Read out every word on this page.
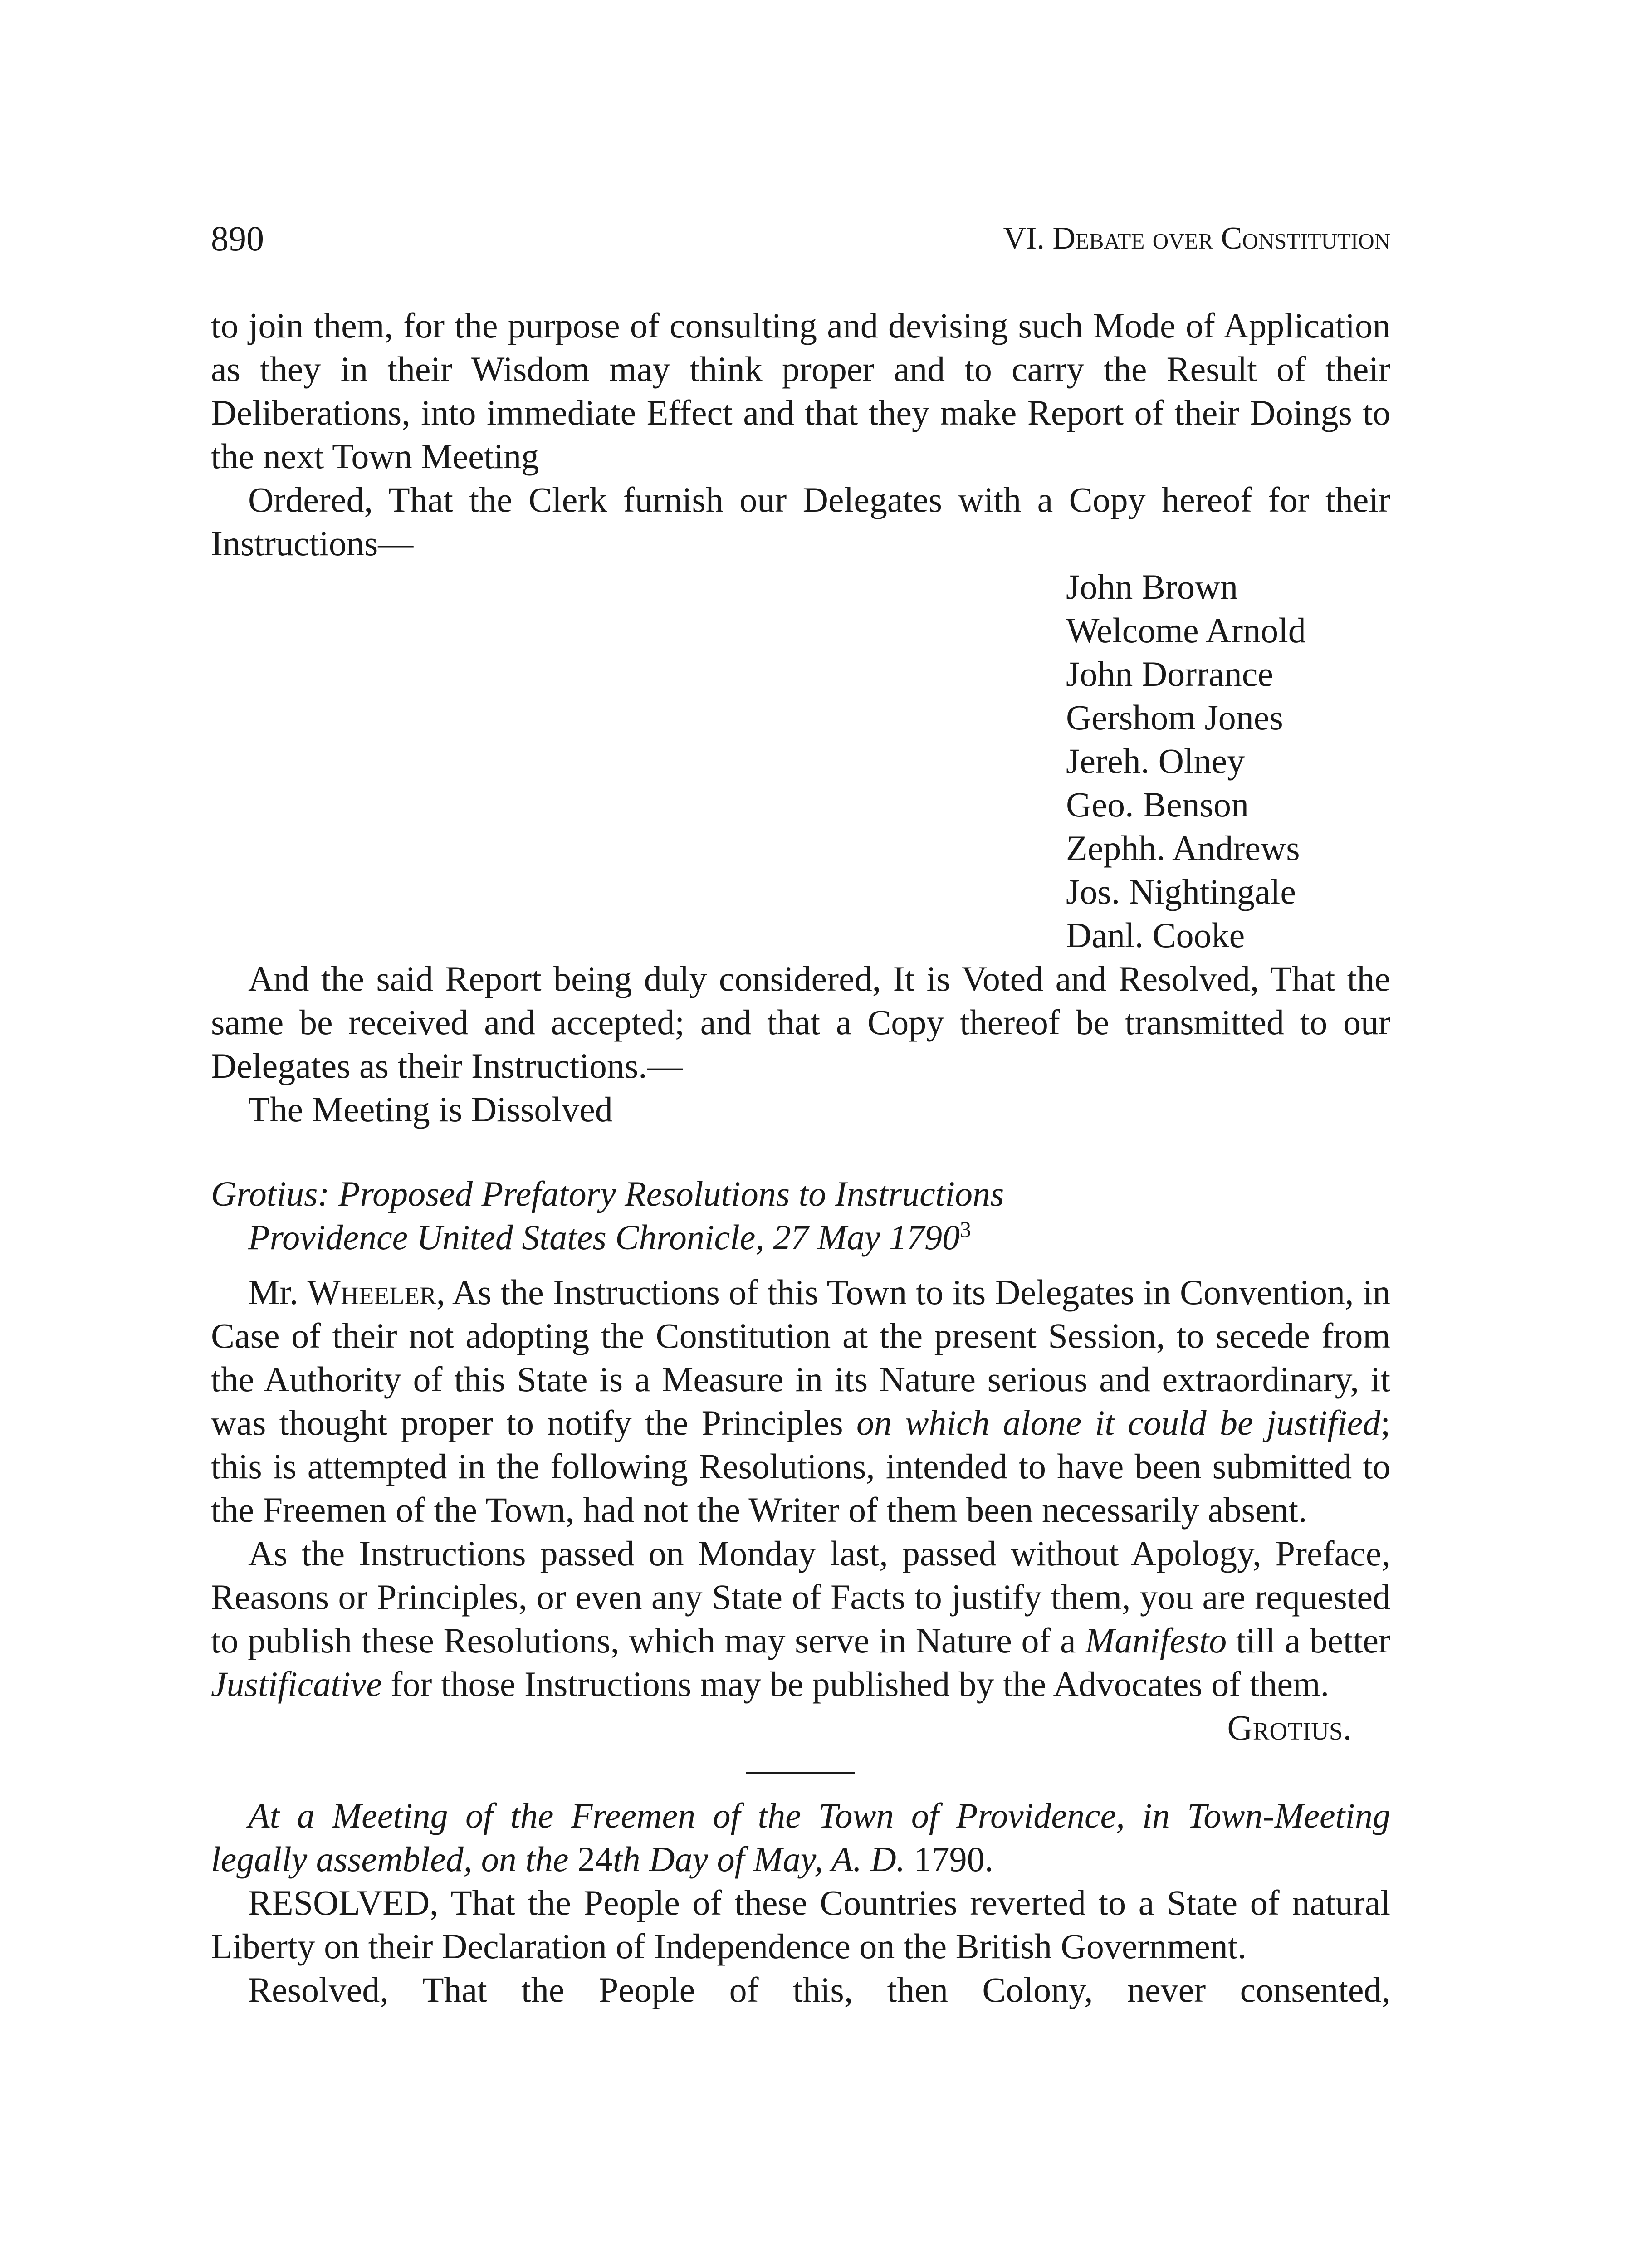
890	VI. Debate over Constitution

to join them, for the purpose of consulting and devising such Mode of Application as they in their Wisdom may think proper and to carry the Result of their Deliberations, into immediate Effect and that they make Report of their Doings to the next Town Meeting

Ordered, That the Clerk furnish our Delegates with a Copy hereof for their Instructions—

John Brown
Welcome Arnold
John Dorrance
Gershom Jones
Jereh. Olney
Geo. Benson
Zephh. Andrews
Jos. Nightingale
Danl. Cooke

And the said Report being duly considered, It is Voted and Resolved, That the same be received and accepted; and that a Copy thereof be transmitted to our Delegates as their Instructions.—

The Meeting is Dissolved

Grotius: Proposed Prefatory Resolutions to Instructions
Providence United States Chronicle, 27 May 1790$^3$

Mr. Wheeler, As the Instructions of this Town to its Delegates in Convention, in Case of their not adopting the Constitution at the present Session, to secede from the Authority of this State is a Measure in its Nature serious and extraordinary, it was thought proper to notify the Principles on which alone it could be justified; this is attempted in the following Resolutions, intended to have been submitted to the Freemen of the Town, had not the Writer of them been necessarily absent.

As the Instructions passed on Monday last, passed without Apology, Preface, Reasons or Principles, or even any State of Facts to justify them, you are requested to publish these Resolutions, which may serve in Nature of a Manifesto till a better Justificative for those Instructions may be published by the Advocates of them.

Grotius.

At a Meeting of the Freemen of the Town of Providence, in Town-Meeting legally assembled, on the 24th Day of May, A. D. 1790.

RESOLVED, That the People of these Countries reverted to a State of natural Liberty on their Declaration of Independence on the British Government.

Resolved, That the People of this, then Colony, never consented,
